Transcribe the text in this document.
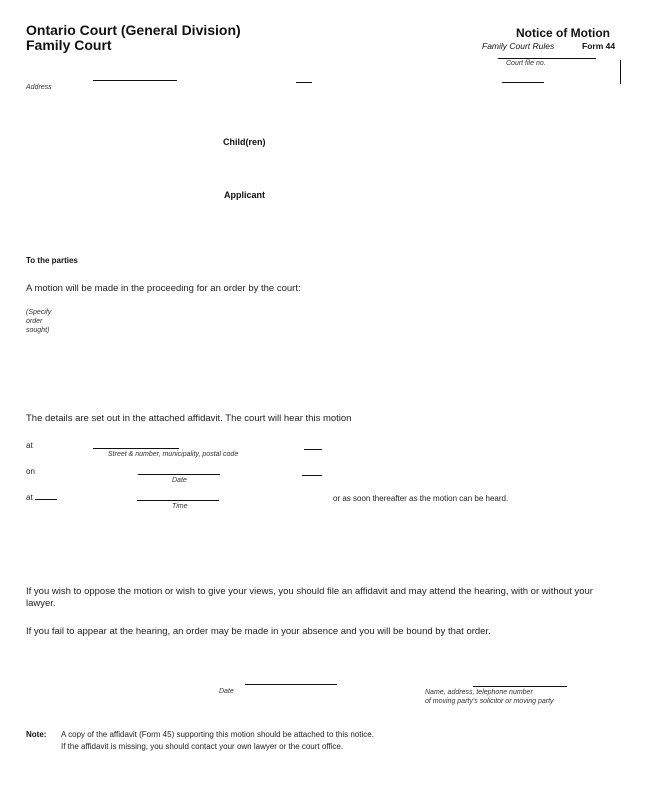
Ontario Court (General Division)
Family Court
Notice of Motion
Family Court Rules	Form 44
Court file no.
Address
Child(ren)
Applicant
To the parties
A motion will be made in the proceeding for an order by the court:
(Specify
order
sought)
The details are set out in the attached affidavit. The court will hear this motion
at
Street & number, municipality, postal code
on
Date
at
Time
or as soon thereafter as the motion can be heard.
If you wish to oppose the motion or wish to give your views, you should file an affidavit and may attend the hearing, with or without your
lawyer.
If you fail to appear at the hearing, an order may be made in your absence and you will be bound by that order.
Date	Name, address, telephone number
of moving party's solicitor or moving party
Note: A copy of the affidavit (Form 45) supporting this motion should be attached to this notice.
If the affidavit is missing, you should contact your own lawyer or the court office.
